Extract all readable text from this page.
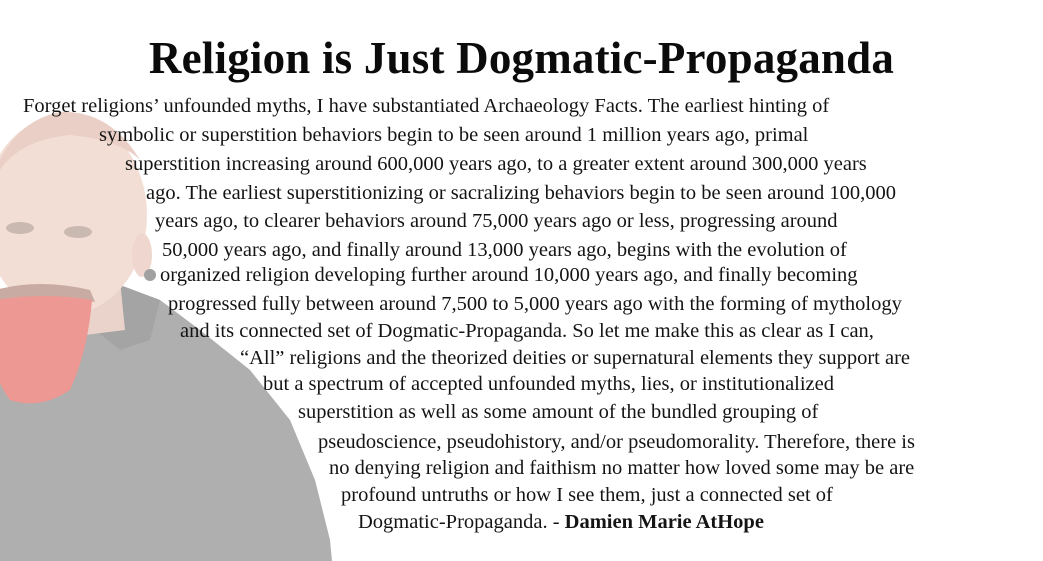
Religion is Just Dogmatic-Propaganda
Forget religions’ unfounded myths, I have substantiated Archaeology Facts. The earliest hinting of
symbolic or superstition behaviors begin to be seen around 1 million years ago, primal
superstition increasing around 600,000 years ago, to a greater extent around 300,000 years
ago. The earliest superstitionizing or sacralizing behaviors begin to be seen around 100,000
years ago, to clearer behaviors around 75,000 years ago or less, progressing around
50,000 years ago, and finally around 13,000 years ago, begins with the evolution of
organized religion developing further around 10,000 years ago, and finally becoming
progressed fully between around 7,500 to 5,000 years ago with the forming of mythology
and its connected set of Dogmatic-Propaganda. So let me make this as clear as I can,
“All” religions and the theorized deities or supernatural elements they support are
but a spectrum of accepted unfounded myths, lies, or institutionalized
superstition as well as some amount of the bundled grouping of
pseudoscience, pseudohistory, and/or pseudomorality. Therefore, there is
no denying religion and faithism no matter how loved some may be are
profound untruths or how I see them, just a connected set of
Dogmatic-Propaganda. - Damien Marie AtHope
